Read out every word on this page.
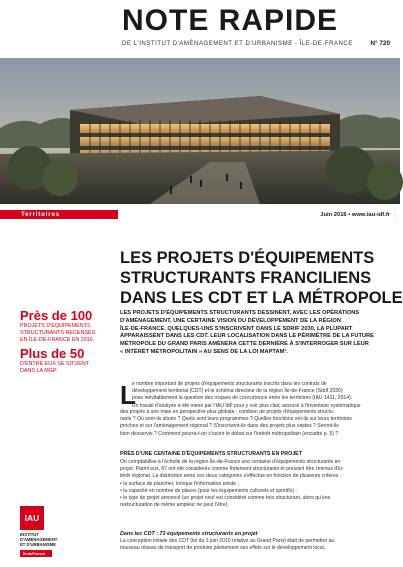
NOTE RAPIDE
DE L'INSTITUT D'AMÉNAGEMENT ET D'URBANISME - ÎLE-DE-FRANCE	N° 720
© IAU îdF
Territoires	Juin 2016 • www.iau-idf.fr
LES PROJETS D'ÉQUIPEMENTS
STRUCTURANTS FRANCILIENS
DANS LES CDT ET LA MÉTROPOLE
LES PROJETS D'ÉQUIPEMENTS STRUCTURANTS DESSINENT, AVEC LES OPÉRATIONS
D'AMÉNAGEMENT, UNE CERTAINE VISION DU DÉVELOPPEMENT DE LA RÉGION
ÎLE-DE-FRANCE. QUELQUES-UNS S'INSCRIVENT DANS LE SDRIF 2030, LA PLUPART
APPARAISSENT DANS LES CDT. LEUR LOCALISATION DANS LE PÉRIMÈTRE DE LA FUTURE
MÉTROPOLE DU GRAND PARIS AMÈNERA CETTE DERNIÈRE À S'INTERROGER SUR LEUR
« INTÉRÊT MÉTROPOLITAIN » AU SENS DE LA LOI MAPTAM¹.
Près de 100
PROJETS D'ÉQUIPEMENTS
STRUCTURANTS RECENSÉS
EN ÎLE-DE-FRANCE EN 2016.
Plus de 50
D'ENTRE EUX SE SITUENT
DANS LA MGP.
L
e nombre important de projets d'équipements structurants inscrits dans les contrats de
développement territorial (CDT) et le schéma directeur de la région Île-de-France (Sdrif 2030)
pose inévitablement la question des risques de concurrence entre les territoires (IAU 1411, 2014).
Un travail d'analyse a été mené par l'IAU îdF pour y voir plus clair, associé à l'inventaire systématique
des projets à une mise en perspective plus globale : combien de projets d'équipements structu-
rants ? Où sont-ils situés ? Quels sont leurs programmes ? Quelles fonctions ont-ils sur leurs territoires
proches et sur l'aménagement régional ? S'inscrivent-ils dans des projets plus vastes ? Seront-ils
bien desservis ? Comment pourra-t-on s'ouvrir le débat sur l'intérêt métropolitain (encadré p. 5) ?
PRÈS D'UNE CENTAINE D'ÉQUIPEMENTS STRUCTURANTS EN PROJET
On comptabilise à l'échelle de la région Île-de-France une centaine d'équipements structurants en
projet. Parmi eux, 67 ont été considérés comme fortement structurants et pouvant être retenus d'in-
térêt régional. La distinction entre ces deux catégories s'effectue en fonction de plusieurs critères :
• la surface de plancher, lorsque l'information existe ;
• la capacité en nombre de places (pour les équipements culturels et sportifs) ;
• le type de projet annoncé (un projet neuf est considéré comme très structurant, alors qu'une
restructuration de même ampleur ne peut l'être).
Dans les CDT : 73 équipements structurants en projet
La conception initiale des CDT (loi du 3 juin 2010 relative au Grand Paris) était de permettre au
nouveau réseau de transport de produire pleinement ses effets sur le développement local,
IAU
INSTITUT
D'AMÉNAGEMENT
ET D'URBANISME
ÎledeFrance
